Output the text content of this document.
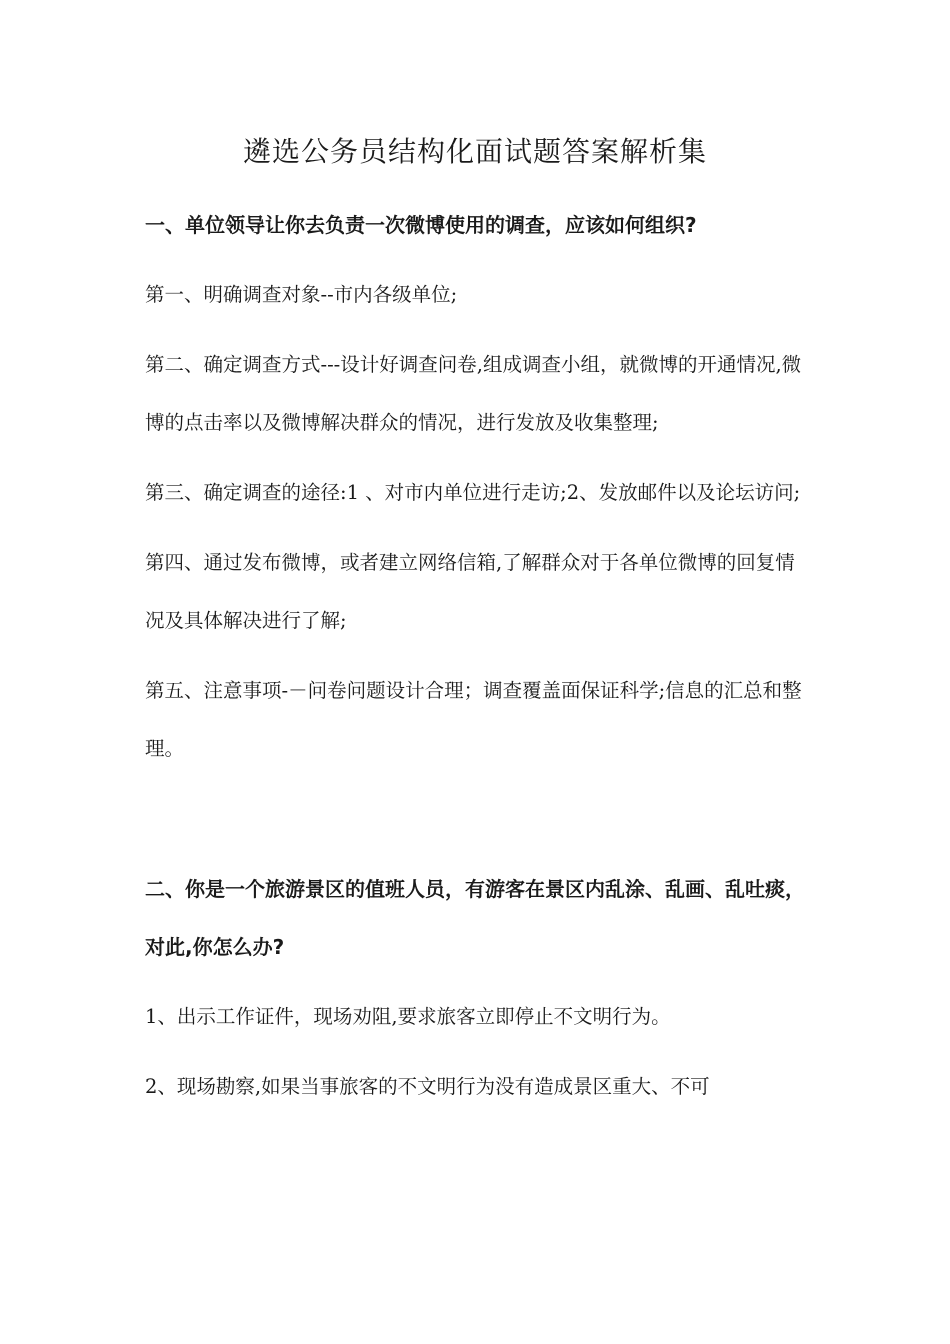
遴选公务员结构化面试题答案解析集
一、单位领导让你去负责一次微博使用的调查，应该如何组织?
第一、明确调查对象--市内各级单位;
第二、确定调查方式---设计好调查问卷,组成调查小组，就微博的开通情况,微博的点击率以及微博解决群众的情况，进行发放及收集整理;
第三、确定调查的途径:1 、对市内单位进行走访;2、发放邮件以及论坛访问;
第四、通过发布微博，或者建立网络信箱,了解群众对于各单位微博的回复情况及具体解决进行了解;
第五、注意事项-－问卷问题设计合理；调查覆盖面保证科学;信息的汇总和整理。
二、你是一个旅游景区的值班人员，有游客在景区内乱涂、乱画、乱吐痰，对此,你怎么办?
1、出示工作证件，现场劝阻,要求旅客立即停止不文明行为。
2、现场勘察,如果当事旅客的不文明行为没有造成景区重大、不可
